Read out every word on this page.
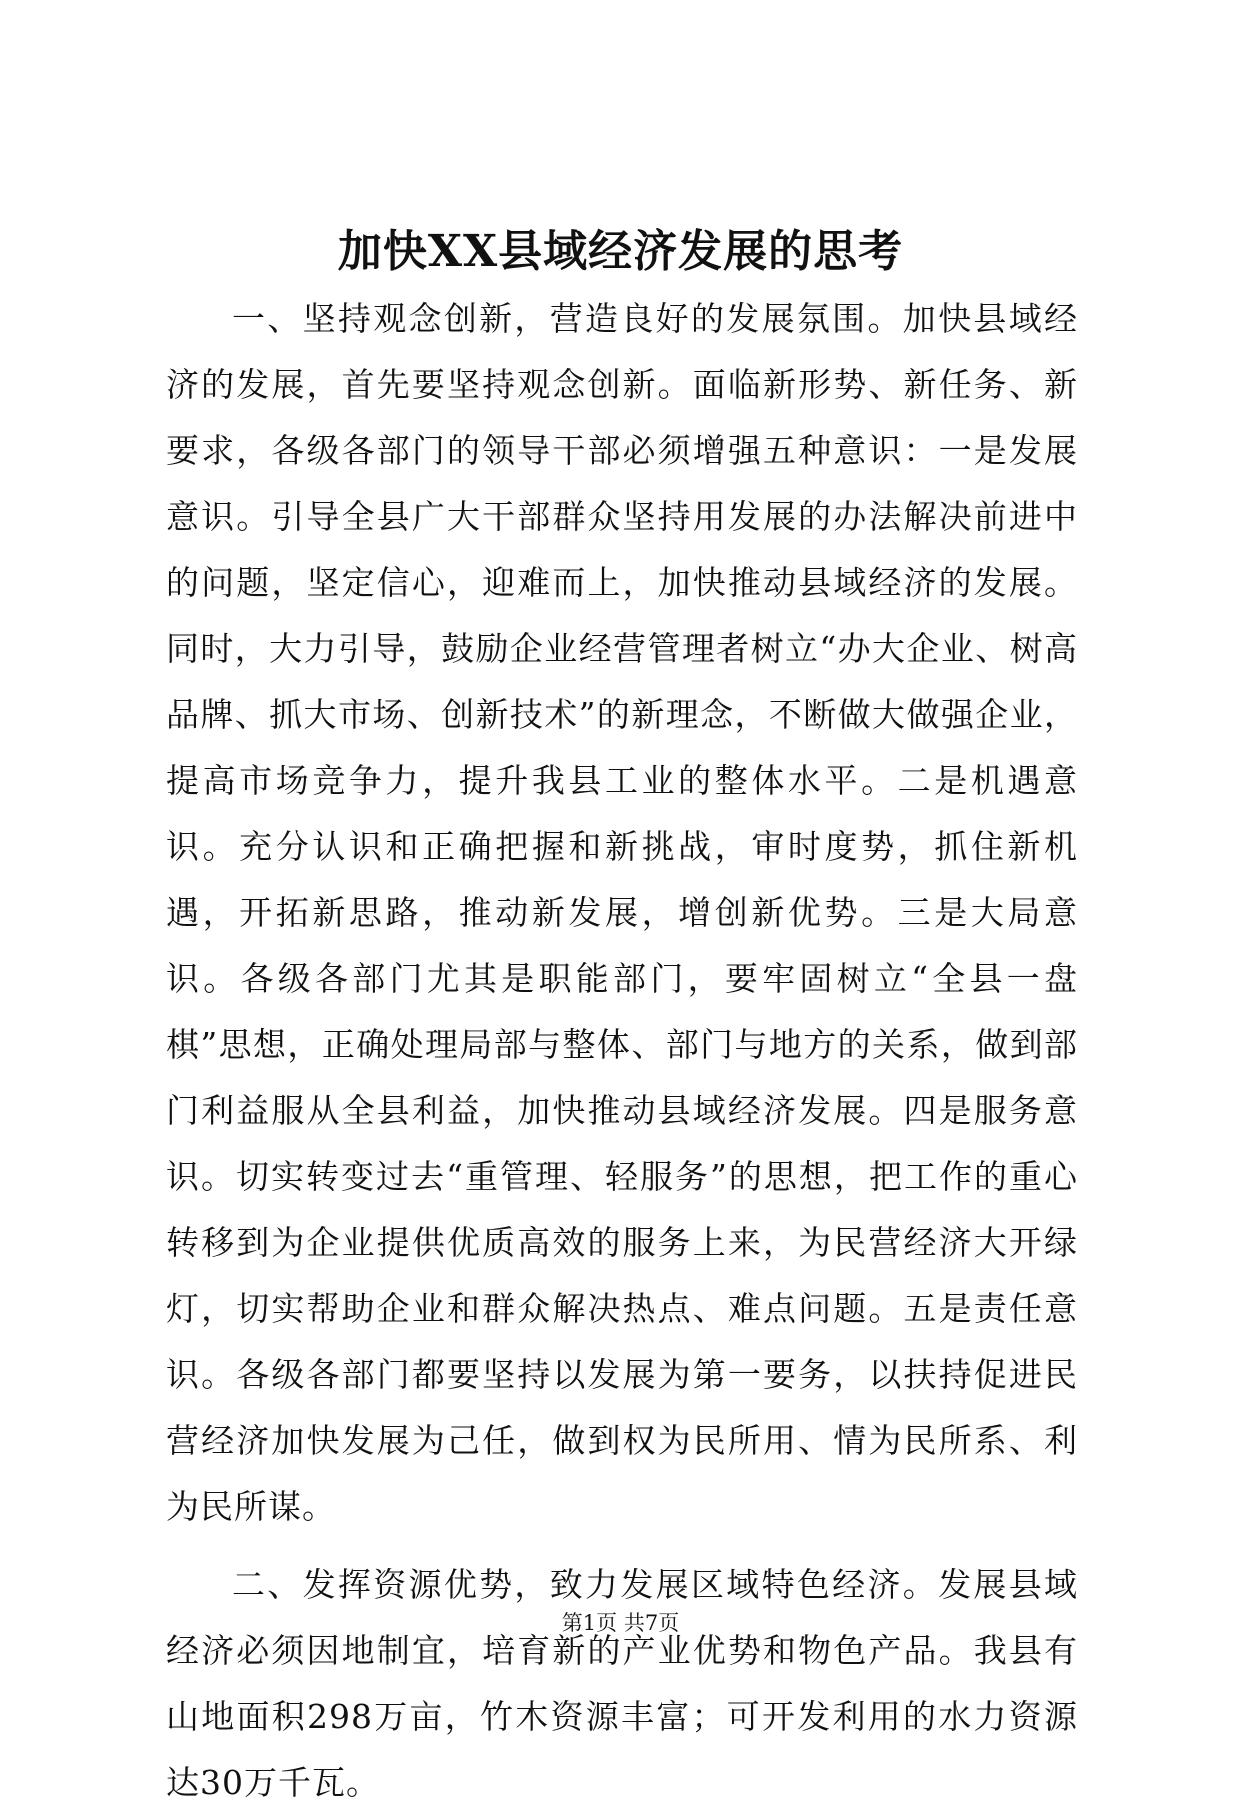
加快XX县域经济发展的思考

一、坚持观念创新，营造良好的发展氛围。加快县域经济的发展，首先要坚持观念创新。面临新形势、新任务、新要求，各级各部门的领导干部必须增强五种意识：一是发展意识。引导全县广大干部群众坚持用发展的办法解决前进中的问题，坚定信心，迎难而上，加快推动县域经济的发展。同时，大力引导，鼓励企业经营管理者树立“办大企业、树高品牌、抓大市场、创新技术”的新理念，不断做大做强企业，提高市场竞争力，提升我县工业的整体水平。二是机遇意识。充分认识和正确把握和新挑战，审时度势，抓住新机遇，开拓新思路，推动新发展，增创新优势。三是大局意识。各级各部门尤其是职能部门，要牢固树立“全县一盘棋”思想，正确处理局部与整体、部门与地方的关系，做到部门利益服从全县利益，加快推动县域经济发展。四是服务意识。切实转变过去“重管理、轻服务”的思想，把工作的重心转移到为企业提供优质高效的服务上来，为民营经济大开绿灯，切实帮助企业和群众解决热点、难点问题。五是责任意识。各级各部门都要坚持以发展为第一要务，以扶持促进民营经济加快发展为己任，做到权为民所用、情为民所系、利为民所谋。

二、发挥资源优势，致力发展区域特色经济。发展县域经济必须因地制宜，培育新的产业优势和物色产品。我县有山地面积298万亩，竹木资源丰富；可开发利用的水力资源达30万千瓦。

第1页 共7页
